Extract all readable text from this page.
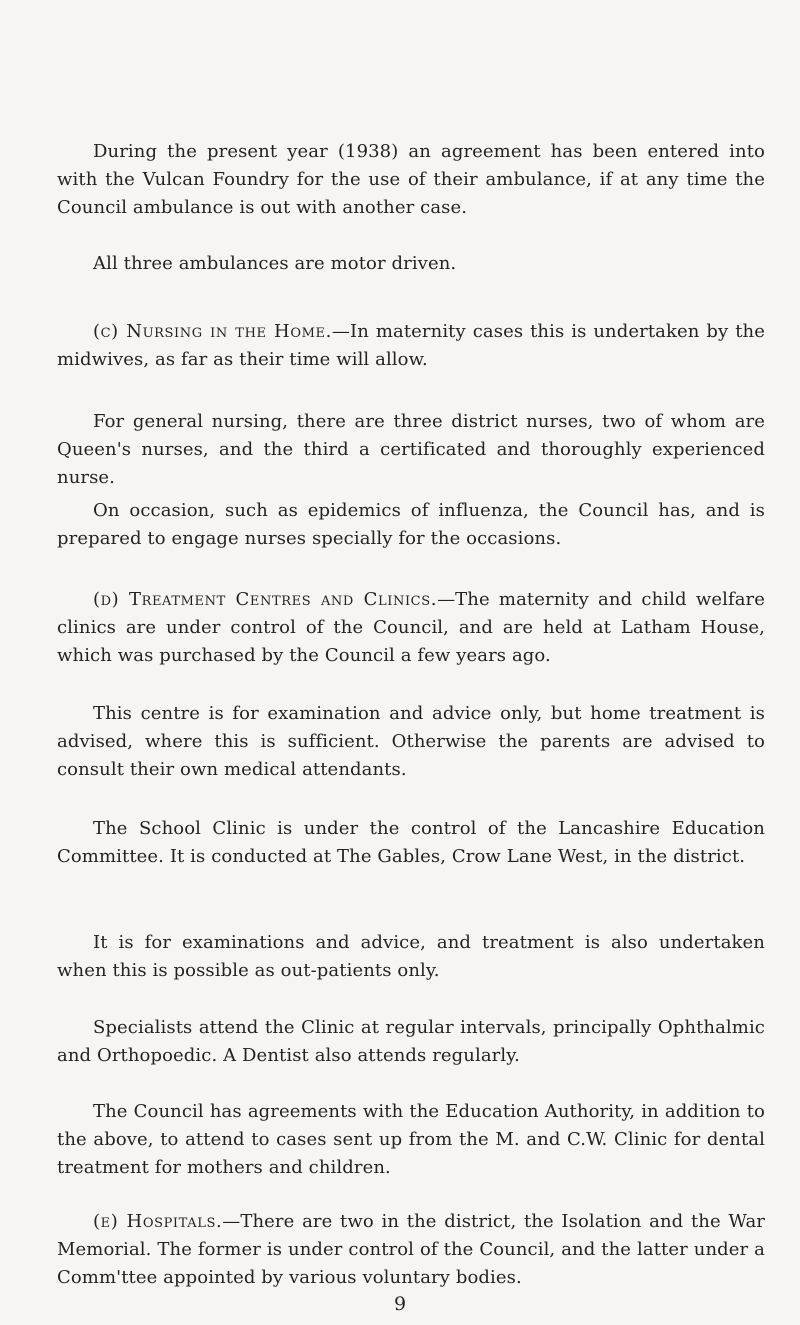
During the present year (1938) an agreement has been entered into with the Vulcan Foundry for the use of their ambulance, if at any time the Council ambulance is out with another case.

All three ambulances are motor driven.

(c) Nursing in the Home.—In maternity cases this is undertaken by the midwives, as far as their time will allow.

For general nursing, there are three district nurses, two of whom are Queen's nurses, and the third a certificated and thoroughly experienced nurse.

On occasion, such as epidemics of influenza, the Council has, and is prepared to engage nurses specially for the occasions.

(d) Treatment Centres and Clinics.—The maternity and child welfare clinics are under control of the Council, and are held at Latham House, which was purchased by the Council a few years ago.

This centre is for examination and advice only, but home treatment is advised, where this is sufficient. Otherwise the parents are advised to consult their own medical attendants.

The School Clinic is under the control of the Lancashire Education Committee. It is conducted at The Gables, Crow Lane West, in the district.

It is for examinations and advice, and treatment is also undertaken when this is possible as out-patients only.

Specialists attend the Clinic at regular intervals, principally Ophthalmic and Orthopoedic. A Dentist also attends regularly.

The Council has agreements with the Education Authority, in addition to the above, to attend to cases sent up from the M. and C.W. Clinic for dental treatment for mothers and children.

(e) Hospitals.—There are two in the district, the Isolation and the War Memorial. The former is under control of the Council, and the latter under a Comm'ttee appointed by various voluntary bodies.

9
